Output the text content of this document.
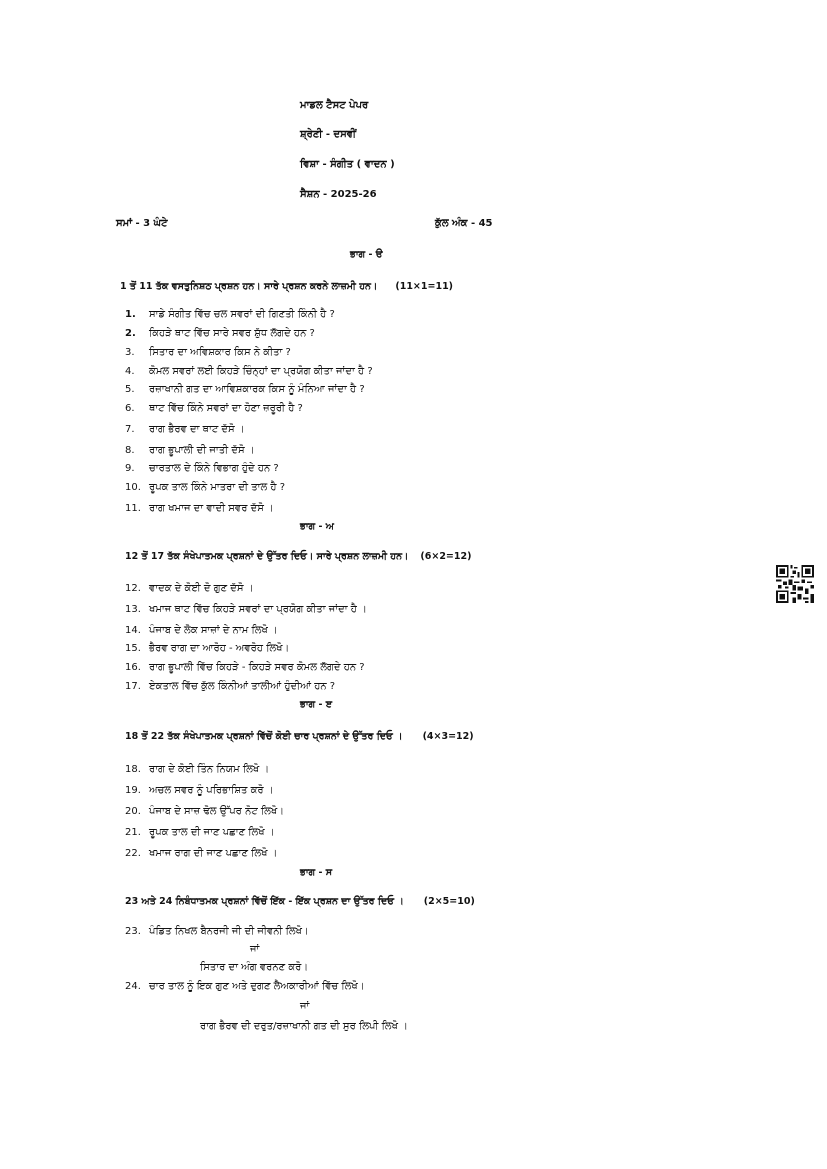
ਮਾਡਲ ਟੈਸਟ ਪੇਪਰ
ਸ਼੍ਰੇਣੀ - ਦਸਵੀਂ
ਵਿਸ਼ਾ - ਸੰਗੀਤ ( ਵਾਦਨ )
ਸੈਸ਼ਨ - 2025-26
ਸਮਾਂ - 3 ਘੰਟੇ	ਕੁੱਲ ਅੰਕ - 45
ਭਾਗ - ੳ
1 ਤੋਂ 11 ਤੱਕ ਵਸਤੁਨਿਸ਼ਠ ਪ੍ਰਸ਼ਨ ਹਨ। ਸਾਰੇ ਪ੍ਰਸ਼ਨ ਕਰਨੇ ਲਾਜ਼ਮੀ ਹਨ। (11×1=11)
1. ਸਾਡੇ ਸੰਗੀਤ ਵਿੱਚ ਚਲ ਸਵਰਾਂ ਦੀ ਗਿਣਤੀ ਕਿੰਨੀ ਹੈ ?
2. ਕਿਹੜੇ ਥਾਟ ਵਿੱਚ ਸਾਰੇ ਸਵਰ ਸ਼ੁੱਧ ਲੱਗਦੇ ਹਨ ?
3. ਸਿਤਾਰ ਦਾ ਅਵਿਸ਼ਕਾਰ ਕਿਸ ਨੇ ਕੀਤਾ ?
4. ਕੋਮਲ ਸਵਰਾਂ ਲਈ ਕਿਹੜੇ ਚਿੰਨ੍ਹਾਂ ਦਾ ਪ੍ਰਯੋਗ ਕੀਤਾ ਜਾਂਦਾ ਹੈ ?
5. ਰਜ਼ਾਖਾਨੀ ਗਤ ਦਾ ਆਵਿਸ਼ਕਾਰਕ ਕਿਸ ਨੂੰ ਮੰਨਿਆ ਜਾਂਦਾ ਹੈ ?
6. ਥਾਟ ਵਿੱਚ ਕਿੰਨੇ ਸਵਰਾਂ ਦਾ ਹੋਣਾ ਜ਼ਰੂਰੀ ਹੈ ?
7. ਰਾਗ ਭੈਰਵ ਦਾ ਥਾਟ ਦੱਸੋ ।
8. ਰਾਗ ਭੂਪਾਲੀ ਦੀ ਜਾਤੀ ਦੱਸੋ ।
9. ਚਾਰਤਾਲ ਦੇ ਕਿੰਨੇ ਵਿਭਾਗ ਹੁੰਦੇ ਹਨ ?
10. ਰੂਪਕ ਤਾਲ ਕਿੰਨੇ ਮਾਤਰਾ ਦੀ ਤਾਲ ਹੈ ?
11. ਰਾਗ ਖਮਾਜ ਦਾ ਵਾਦੀ ਸਵਰ ਦੱਸੋ ।
ਭਾਗ - ਅ
12 ਤੋਂ 17 ਤੱਕ ਸੰਖੇਪਾਤਮਕ ਪ੍ਰਸ਼ਨਾਂ ਦੇ ਉੱਤਰ ਦਿਓ। ਸਾਰੇ ਪ੍ਰਸ਼ਨ ਲਾਜ਼ਮੀ ਹਨ। (6×2=12)
12. ਵਾਦਕ ਦੇ ਕੋਈ ਦੋ ਗੁਣ ਦੱਸੋ ।
13. ਖਮਾਜ ਥਾਟ ਵਿੱਚ ਕਿਹੜੇ ਸਵਰਾਂ ਦਾ ਪ੍ਰਯੋਗ ਕੀਤਾ ਜਾਂਦਾ ਹੈ ।
14. ਪੰਜਾਬ ਦੇ ਲੋਕ ਸਾਜ਼ਾਂ ਦੇ ਨਾਮ ਲਿਖੋ ।
15. ਭੈਰਵ ਰਾਗ ਦਾ ਆਰੋਹ - ਅਵਰੋਹ ਲਿਖੋ।
16. ਰਾਗ ਭੂਪਾਲੀ ਵਿੱਚ ਕਿਹੜੇ - ਕਿਹੜੇ ਸਵਰ ਕੋਮਲ ਲੱਗਦੇ ਹਨ ?
17. ਏਕਤਾਲ ਵਿੱਚ ਕੁੱਲ ਕਿੰਨੀਆਂ ਤਾਲੀਆਂ ਹੁੰਦੀਆਂ ਹਨ ?
ਭਾਗ - ੲ
18 ਤੋਂ 22 ਤੱਕ ਸੰਖੇਪਾਤਮਕ ਪ੍ਰਸ਼ਨਾਂ ਵਿੱਚੋਂ ਕੋਈ ਚਾਰ ਪ੍ਰਸ਼ਨਾਂ ਦੇ ਉੱਤਰ ਦਿਓ । (4×3=12)
18. ਰਾਗ ਦੇ ਕੋਈ ਤਿੰਨ ਨਿਯਮ ਲਿਖੋ ।
19. ਅਚਲ ਸਵਰ ਨੂੰ ਪਰਿਭਾਸ਼ਿਤ ਕਰੋ ।
20. ਪੰਜਾਬ ਦੇ ਸਾਜ਼ ਢੋਲ ਉੱਪਰ ਨੋਟ ਲਿਖੋ।
21. ਰੂਪਕ ਤਾਲ ਦੀ ਜਾਣ ਪਛਾਣ ਲਿਖੋ ।
22. ਖਮਾਜ ਰਾਗ ਦੀ ਜਾਣ ਪਛਾਣ ਲਿਖੋ ।
ਭਾਗ - ਸ
23 ਅਤੇ 24 ਨਿਬੰਧਾਤਮਕ ਪ੍ਰਸ਼ਨਾਂ ਵਿੱਚੋਂ ਇੱਕ - ਇੱਕ ਪ੍ਰਸ਼ਨ ਦਾ ਉੱਤਰ ਦਿਓ । (2×5=10)
23. ਪੰਡਿਤ ਨਿਖਲ ਬੈਨਰਜੀ ਜੀ ਦੀ ਜੀਵਨੀ ਲਿਖੋ।
ਜਾਂ
ਸਿਤਾਰ ਦਾ ਅੰਗ ਵਰਨਣ ਕਰੋ।
24. ਚਾਰ ਤਾਲ ਨੂੰ ਇਕ ਗੁਣ ਅਤੇ ਦੁਗਣ ਲੈਅਕਾਰੀਆਂ ਵਿੱਚ ਲਿਖੋ।
ਜਾਂ
ਰਾਗ ਭੈਰਵ ਦੀ ਦਰੁਤ/ਰਜ਼ਾਖਾਨੀ ਗਤ ਦੀ ਸੁਰ ਲਿਪੀ ਲਿਖੋ ।
